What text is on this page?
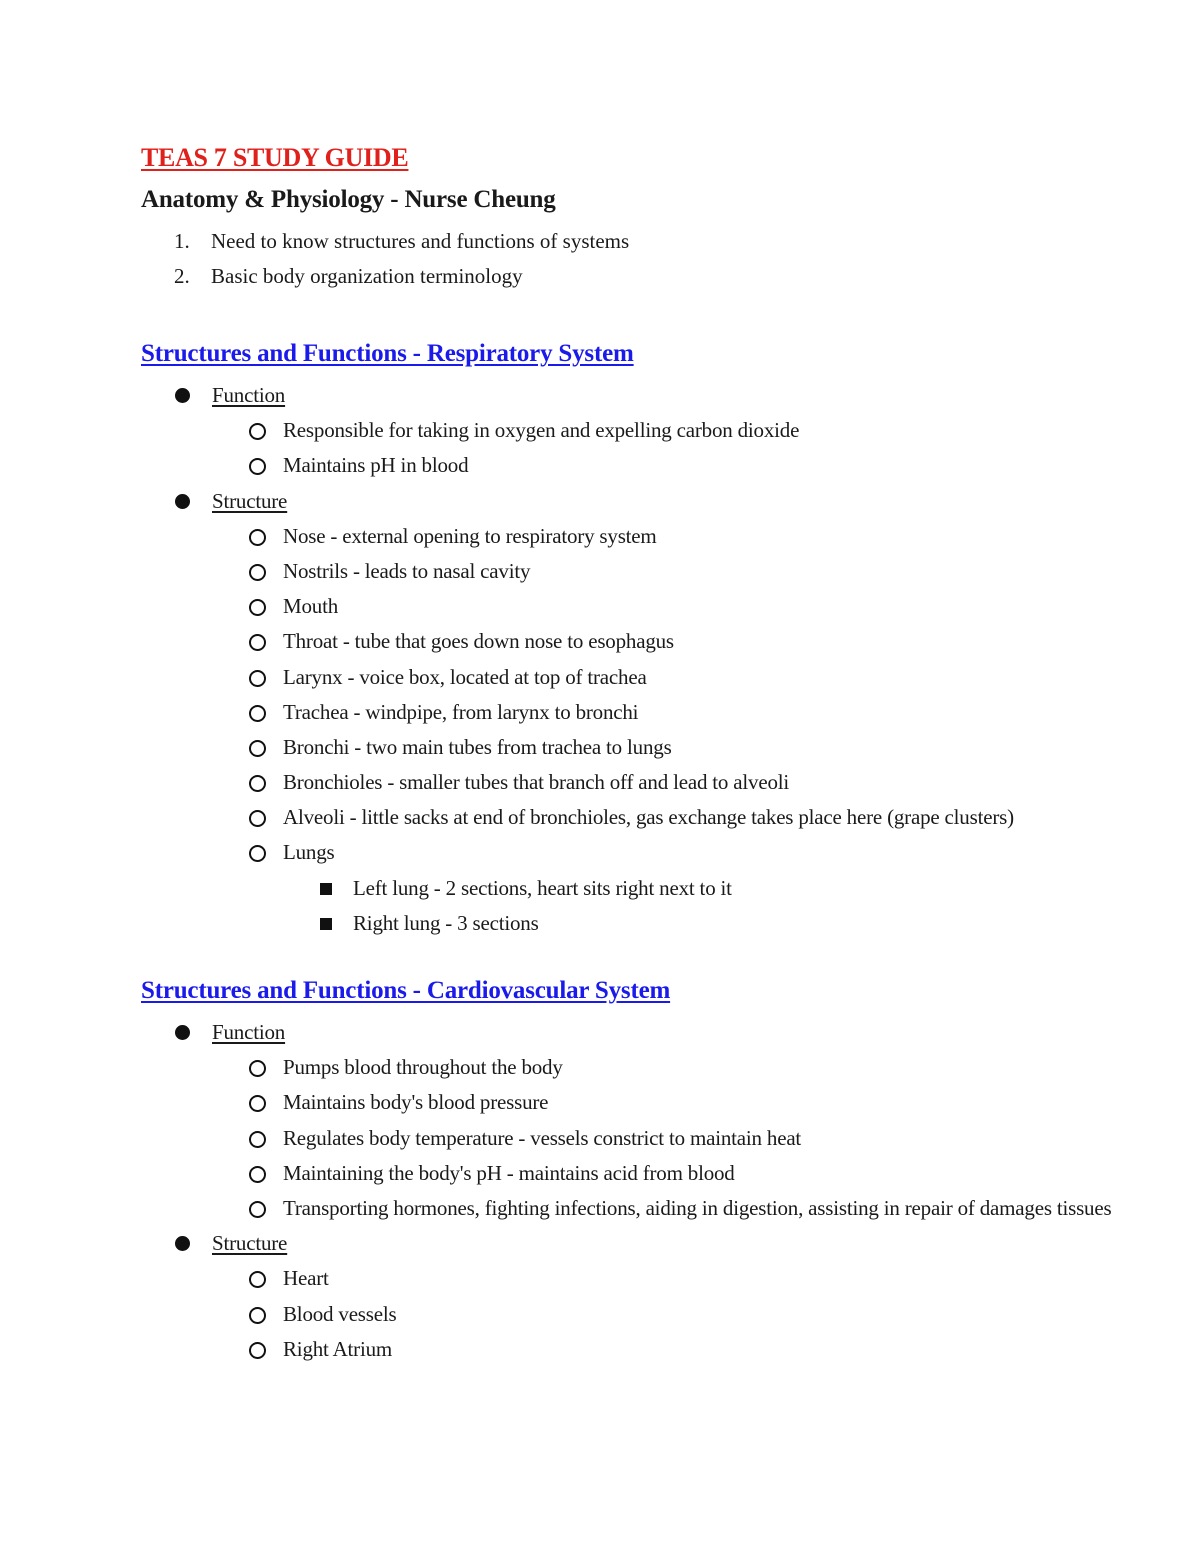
TEAS 7 STUDY GUIDE
Anatomy & Physiology - Nurse Cheung
1. Need to know structures and functions of systems
2. Basic body organization terminology
Structures and Functions - Respiratory System
Function
Responsible for taking in oxygen and expelling carbon dioxide
Maintains pH in blood
Structure
Nose - external opening to respiratory system
Nostrils - leads to nasal cavity
Mouth
Throat - tube that goes down nose to esophagus
Larynx - voice box, located at top of trachea
Trachea - windpipe, from larynx to bronchi
Bronchi - two main tubes from trachea to lungs
Bronchioles - smaller tubes that branch off and lead to alveoli
Alveoli - little sacks at end of bronchioles, gas exchange takes place here (grape clusters)
Lungs
Left lung - 2 sections, heart sits right next to it
Right lung - 3 sections
Structures and Functions - Cardiovascular System
Function
Pumps blood throughout the body
Maintains body's blood pressure
Regulates body temperature - vessels constrict to maintain heat
Maintaining the body's pH - maintains acid from blood
Transporting hormones, fighting infections, aiding in digestion, assisting in repair of damages tissues
Structure
Heart
Blood vessels
Right Atrium
